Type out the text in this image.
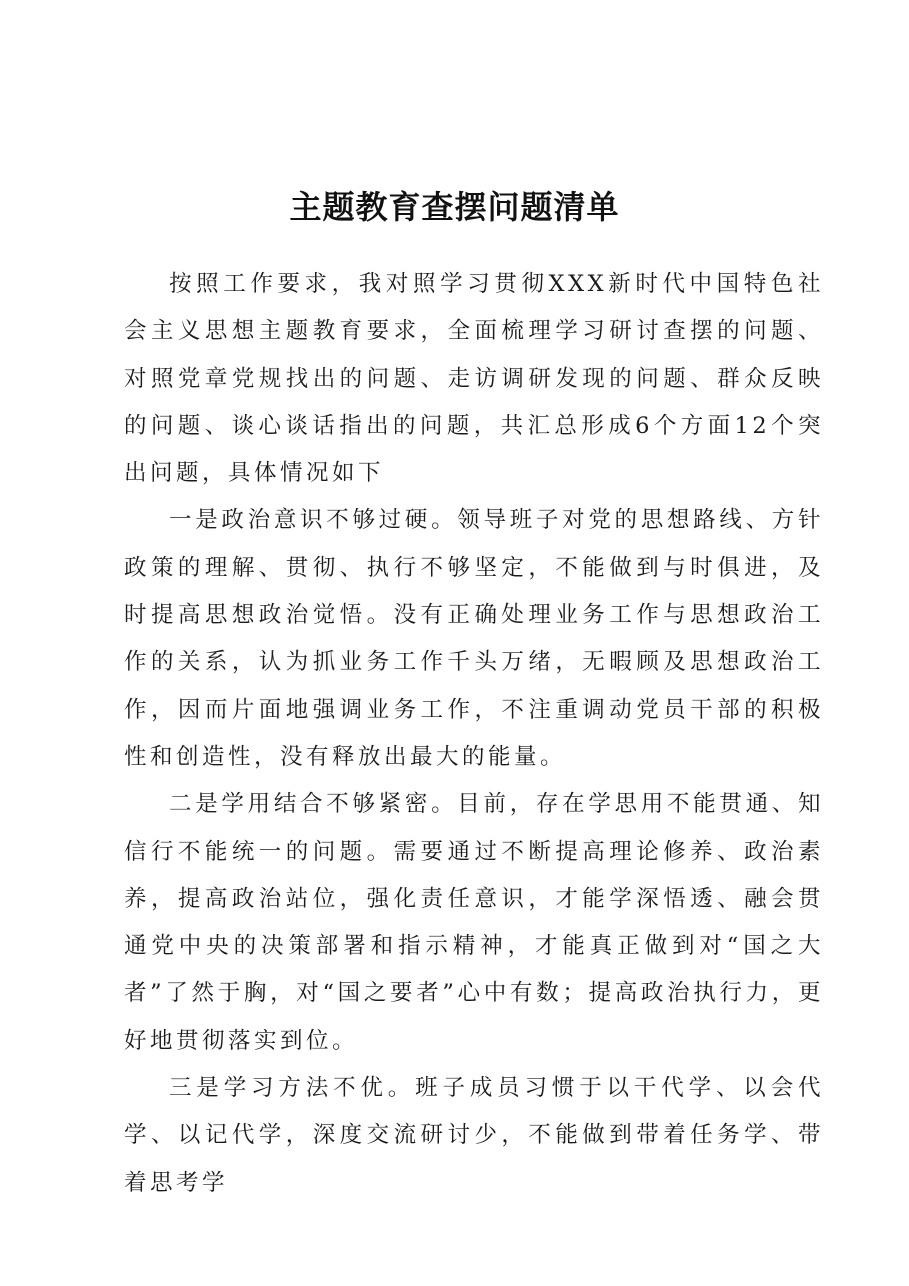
主题教育查摆问题清单

按照工作要求，我对照学习贯彻XXX新时代中国特色社会主义思想主题教育要求，全面梳理学习研讨查摆的问题、对照党章党规找出的问题、走访调研发现的问题、群众反映的问题、谈心谈话指出的问题，共汇总形成6个方面12个突出问题，具体情况如下

一是政治意识不够过硬。领导班子对党的思想路线、方针政策的理解、贯彻、执行不够坚定，不能做到与时俱进，及时提高思想政治觉悟。没有正确处理业务工作与思想政治工作的关系，认为抓业务工作千头万绪，无暇顾及思想政治工作，因而片面地强调业务工作，不注重调动党员干部的积极性和创造性，没有释放出最大的能量。

二是学用结合不够紧密。目前，存在学思用不能贯通、知信行不能统一的问题。需要通过不断提高理论修养、政治素养，提高政治站位，强化责任意识，才能学深悟透、融会贯通党中央的决策部署和指示精神，才能真正做到对“国之大者”了然于胸，对“国之要者”心中有数；提高政治执行力，更好地贯彻落实到位。

三是学习方法不优。班子成员习惯于以干代学、以会代学、以记代学，深度交流研讨少，不能做到带着任务学、带着思考学
